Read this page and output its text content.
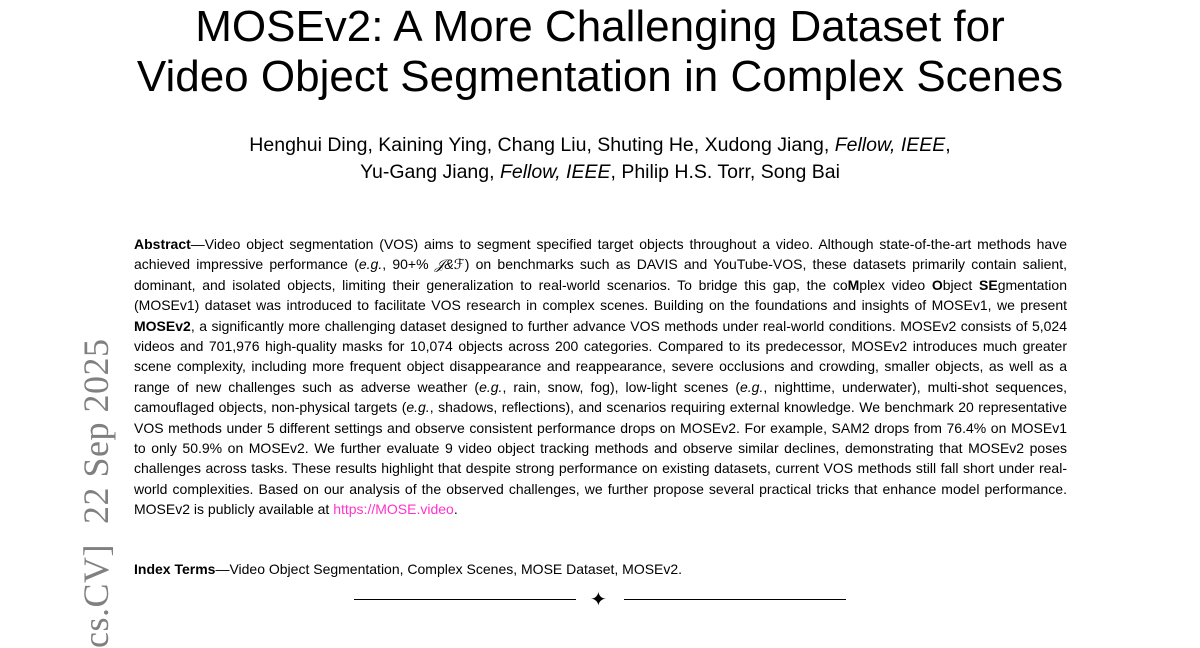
MOSEv2: A More Challenging Dataset for
Video Object Segmentation in Complex Scenes
Henghui Ding, Kaining Ying, Chang Liu, Shuting He, Xudong Jiang, Fellow, IEEE,
Yu-Gang Jiang, Fellow, IEEE, Philip H.S. Torr, Song Bai

Abstract—Video object segmentation (VOS) aims to segment specified target objects throughout a video. Although state-of-the-art methods have achieved impressive performance (e.g., 90+% 𝒥&ℱ) on benchmarks such as DAVIS and YouTube-VOS, these datasets primarily contain salient, dominant, and isolated objects, limiting their generalization to real-world scenarios. To bridge this gap, the coMplex video Object SEgmentation (MOSEv1) dataset was introduced to facilitate VOS research in complex scenes. Building on the foundations and insights of MOSEv1, we present MOSEv2, a significantly more challenging dataset designed to further advance VOS methods under real-world conditions. MOSEv2 consists of 5,024 videos and 701,976 high-quality masks for 10,074 objects across 200 categories. Compared to its predecessor, MOSEv2 introduces much greater scene complexity, including more frequent object disappearance and reappearance, severe occlusions and crowding, smaller objects, as well as a range of new challenges such as adverse weather (e.g., rain, snow, fog), low-light scenes (e.g., nighttime, underwater), multi-shot sequences, camouflaged objects, non-physical targets (e.g., shadows, reflections), and scenarios requiring external knowledge. We benchmark 20 representative VOS methods under 5 different settings and observe consistent performance drops on MOSEv2. For example, SAM2 drops from 76.4% on MOSEv1 to only 50.9% on MOSEv2. We further evaluate 9 video object tracking methods and observe similar declines, demonstrating that MOSEv2 poses challenges across tasks. These results highlight that despite strong performance on existing datasets, current VOS methods still fall short under real-world complexities. Based on our analysis of the observed challenges, we further propose several practical tricks that enhance model performance. MOSEv2 is publicly available at https://MOSE.video.

Index Terms—Video Object Segmentation, Complex Scenes, MOSE Dataset, MOSEv2.

✦
cs.CV]22 Sep 2025
